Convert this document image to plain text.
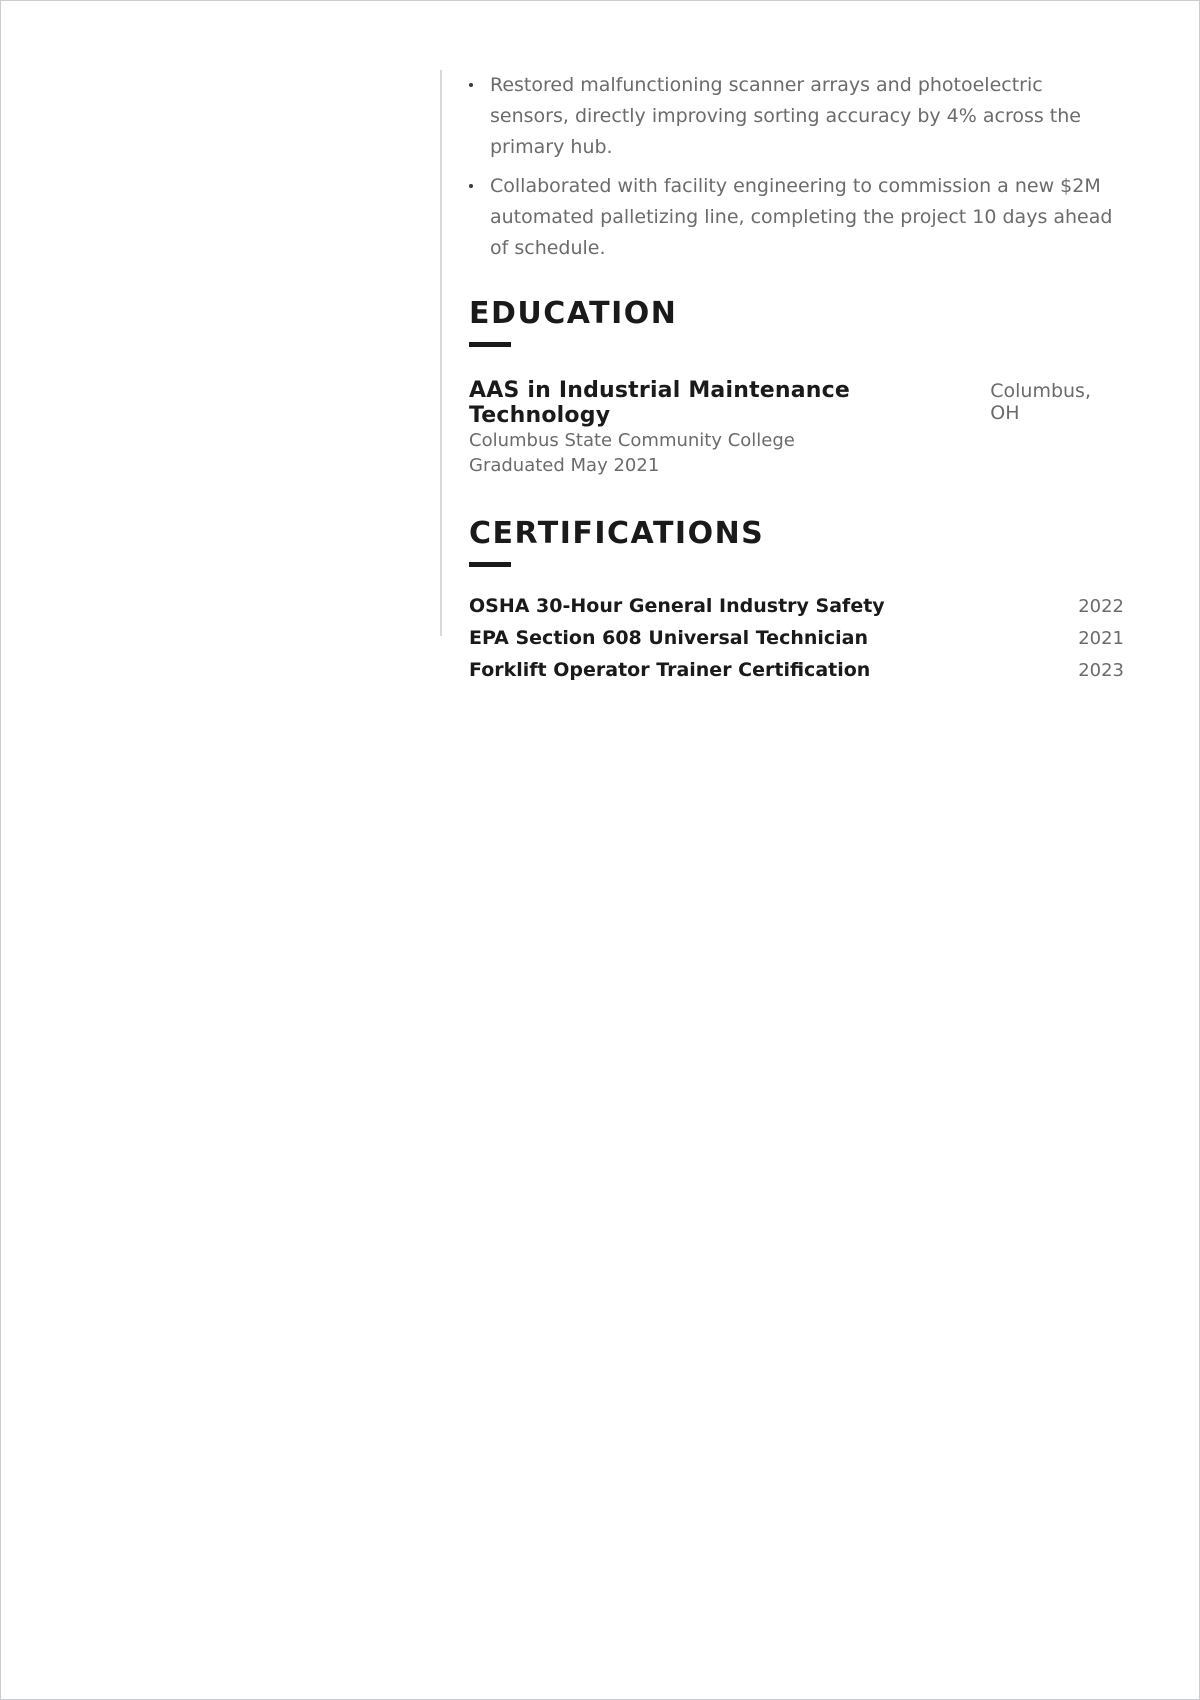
Restored malfunctioning scanner arrays and photoelectric sensors, directly improving sorting accuracy by 4% across the primary hub.
Collaborated with facility engineering to commission a new $2M automated palletizing line, completing the project 10 days ahead of schedule.
EDUCATION
AAS in Industrial Maintenance Technology
Columbus, OH
Columbus State Community College
Graduated May 2021
CERTIFICATIONS
OSHA 30-Hour General Industry Safety	2022
EPA Section 608 Universal Technician	2021
Forklift Operator Trainer Certification	2023
